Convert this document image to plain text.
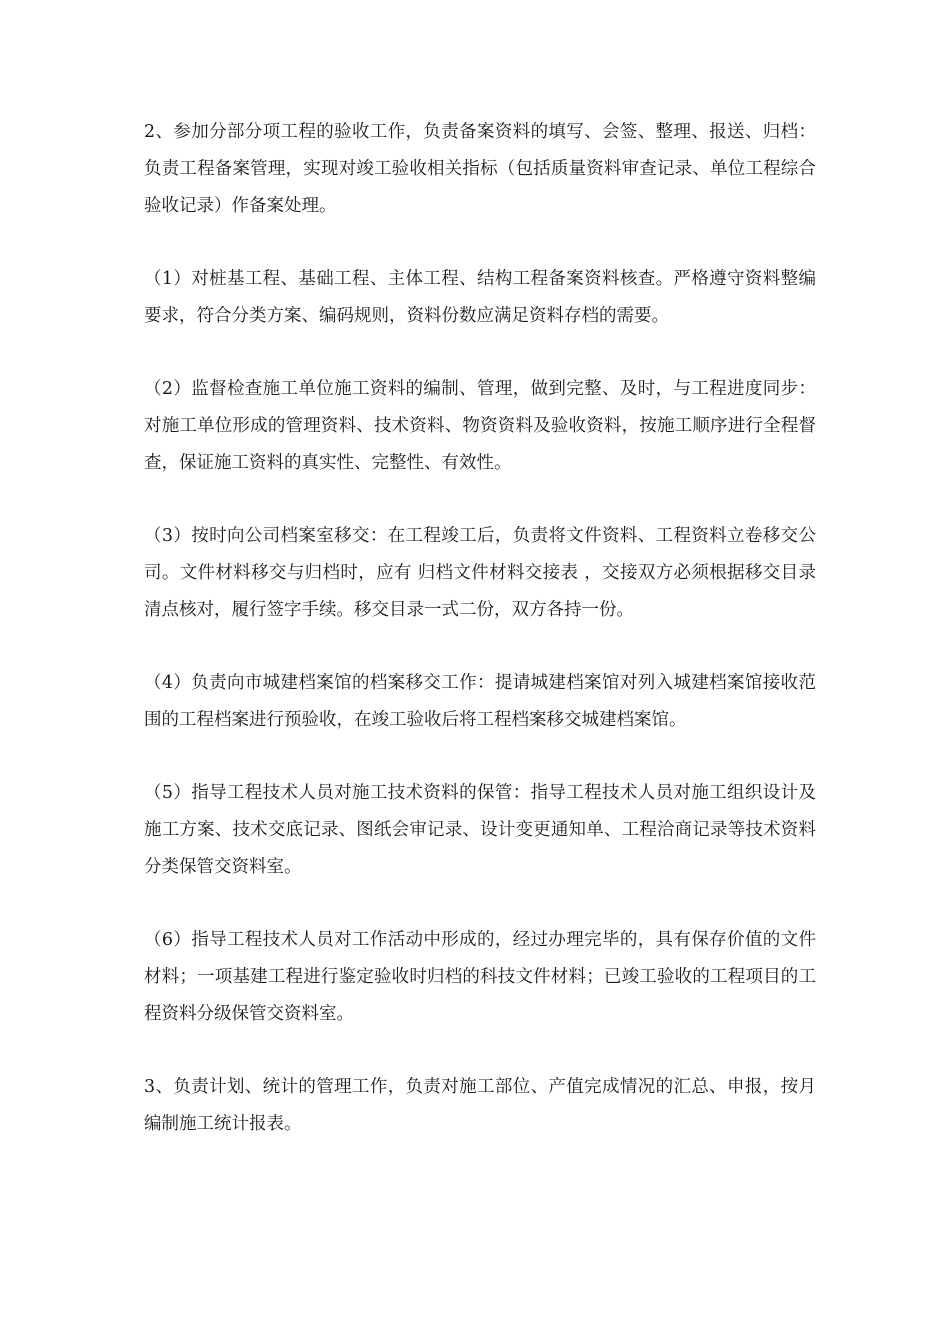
2、参加分部分项工程的验收工作，负责备案资料的填写、会签、整理、报送、归档：负责工程备案管理，实现对竣工验收相关指标（包括质量资料审查记录、单位工程综合验收记录）作备案处理。

（1）对桩基工程、基础工程、主体工程、结构工程备案资料核查。严格遵守资料整编要求，符合分类方案、编码规则，资料份数应满足资料存档的需要。

（2）监督检查施工单位施工资料的编制、管理，做到完整、及时，与工程进度同步：对施工单位形成的管理资料、技术资料、物资资料及验收资料，按施工顺序进行全程督查，保证施工资料的真实性、完整性、有效性。

（3）按时向公司档案室移交：在工程竣工后，负责将文件资料、工程资料立卷移交公司。文件材料移交与归档时，应有 归档文件材料交接表 ，交接双方必须根据移交目录清点核对，履行签字手续。移交目录一式二份，双方各持一份。

（4）负责向市城建档案馆的档案移交工作：提请城建档案馆对列入城建档案馆接收范围的工程档案进行预验收，在竣工验收后将工程档案移交城建档案馆。

（5）指导工程技术人员对施工技术资料的保管：指导工程技术人员对施工组织设计及施工方案、技术交底记录、图纸会审记录、设计变更通知单、工程洽商记录等技术资料分类保管交资料室。

（6）指导工程技术人员对工作活动中形成的，经过办理完毕的，具有保存价值的文件材料；一项基建工程进行鉴定验收时归档的科技文件材料；已竣工验收的工程项目的工程资料分级保管交资料室。

3、负责计划、统计的管理工作，负责对施工部位、产值完成情况的汇总、申报，按月编制施工统计报表。
